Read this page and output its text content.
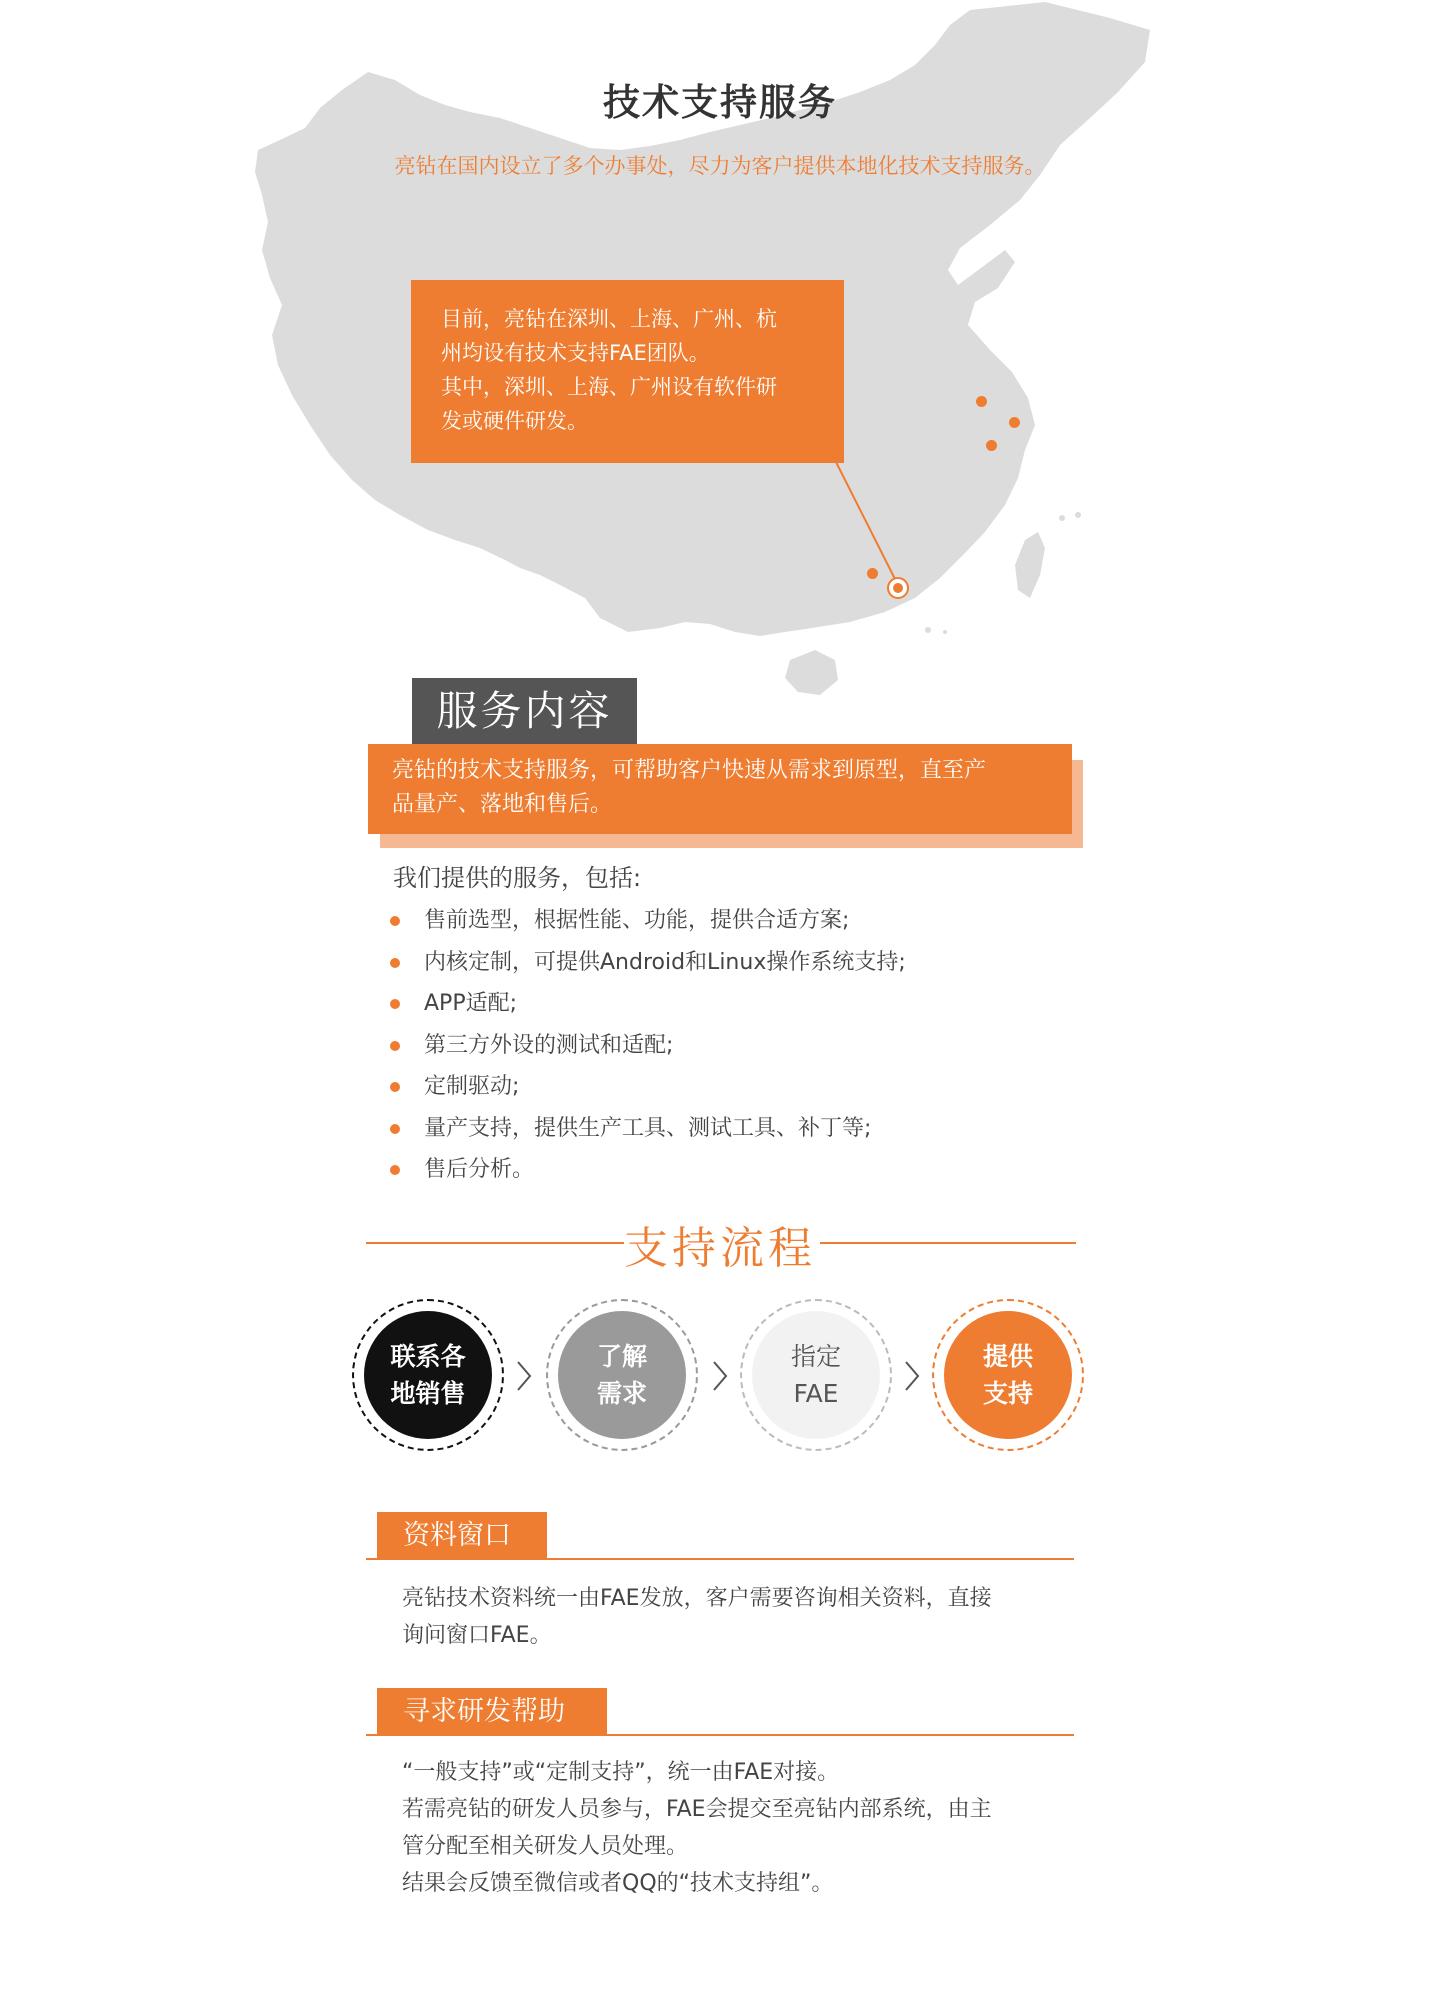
技术支持服务
亮钻在国内设立了多个办事处，尽力为客户提供本地化技术支持服务。

目前，亮钻在深圳、上海、广州、杭

州均设有技术支持FAE团队。

其中，深圳、上海、广州设有软件研

发或硬件研发。

服务内容
亮钻的技术支持服务，可帮助客户快速从需求到原型，直至产
品量产、落地和售后。
我们提供的服务，包括:
售前选型，根据性能、功能，提供合适方案;
内核定制，可提供Android和Linux操作系统支持;
APP适配;
第三方外设的测试和适配;
定制驱动;
量产支持，提供生产工具、测试工具、补丁等;
售后分析。
支持流程
联系各
地销售
了解
需求
指定
FAE
提供
支持
资料窗口

亮钻技术资料统一由FAE发放，客户需要咨询相关资料，直接

询问窗口FAE。

寻求研发帮助

“一般支持”或“定制支持”，统一由FAE对接。

若需亮钻的研发人员参与，FAE会提交至亮钻内部系统，由主

管分配至相关研发人员处理。

结果会反馈至微信或者QQ的“技术支持组”。
